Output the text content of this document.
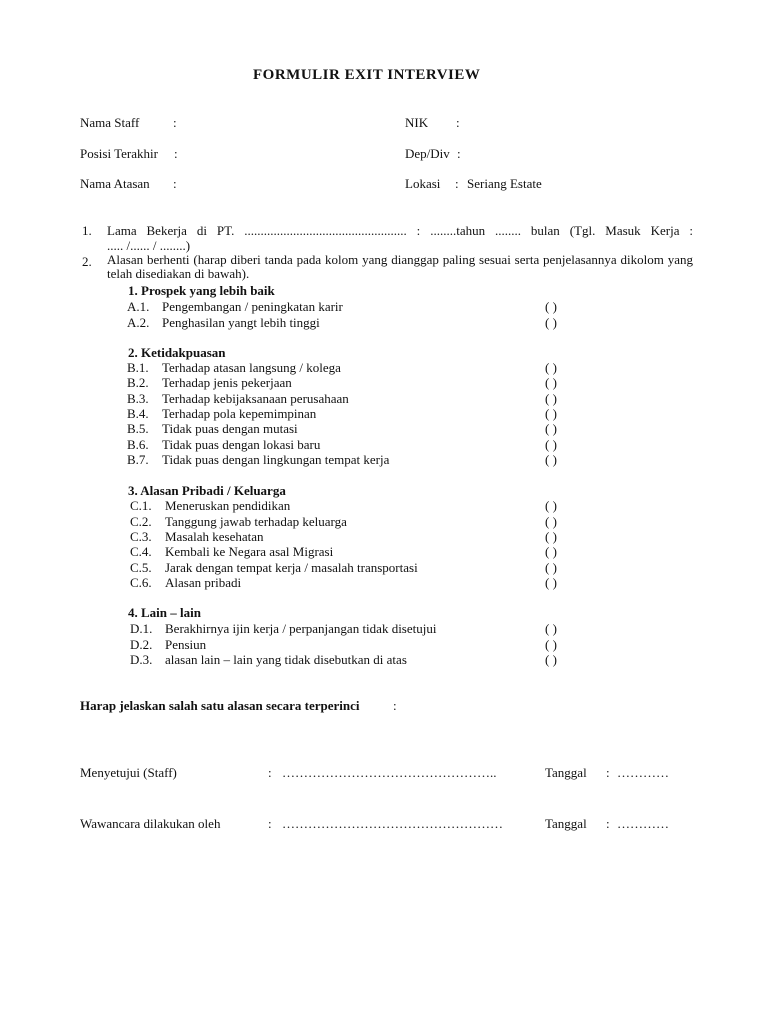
FORMULIR EXIT INTERVIEW
Nama Staff	:	NIK :
Posisi Terakhir :	Dep/Div :
Nama Atasan :	Lokasi : Seriang Estate
1. Lama Bekerja di PT. .................................................. : ........tahun ........ bulan (Tgl. Masuk Kerja :
..... /...... / ........)
2. Alasan berhenti (harap diberi tanda pada kolom yang dianggap paling sesuai serta penjelasannya dikolom yang telah disediakan di bawah).
1. Prospek yang lebih baik
A.1. Pengembangan / peningkatan karir	( )
A.2. Penghasilan yangt lebih tinggi	( )
2. Ketidakpuasan
B.1. Terhadap atasan langsung / kolega	( )
B.2. Terhadap jenis pekerjaan	( )
B.3. Terhadap kebijaksanaan perusahaan	( )
B.4. Terhadap pola kepemimpinan	( )
B.5. Tidak puas dengan mutasi	( )
B.6. Tidak puas dengan lokasi baru	( )
B.7. Tidak puas dengan lingkungan tempat kerja	( )
3. Alasan Pribadi / Keluarga
C.1. Meneruskan pendidikan	( )
C.2. Tanggung jawab terhadap keluarga	( )
C.3. Masalah kesehatan	( )
C.4. Kembali ke Negara asal Migrasi	( )
C.5. Jarak dengan tempat kerja / masalah transportasi	( )
C.6. Alasan pribadi	( )
4. Lain – lain
D.1. Berakhirnya ijin kerja / perpanjangan tidak disetujui	( )
D.2. Pensiun	( )
D.3. alasan lain – lain yang tidak disebutkan di atas	( )
Harap jelaskan salah satu alasan secara terperinci	:
Menyetujui (Staff)	: …………………………………………..	Tanggal : …………
Wawancara dilakukan oleh	: ……………………………………………	Tanggal : …………
